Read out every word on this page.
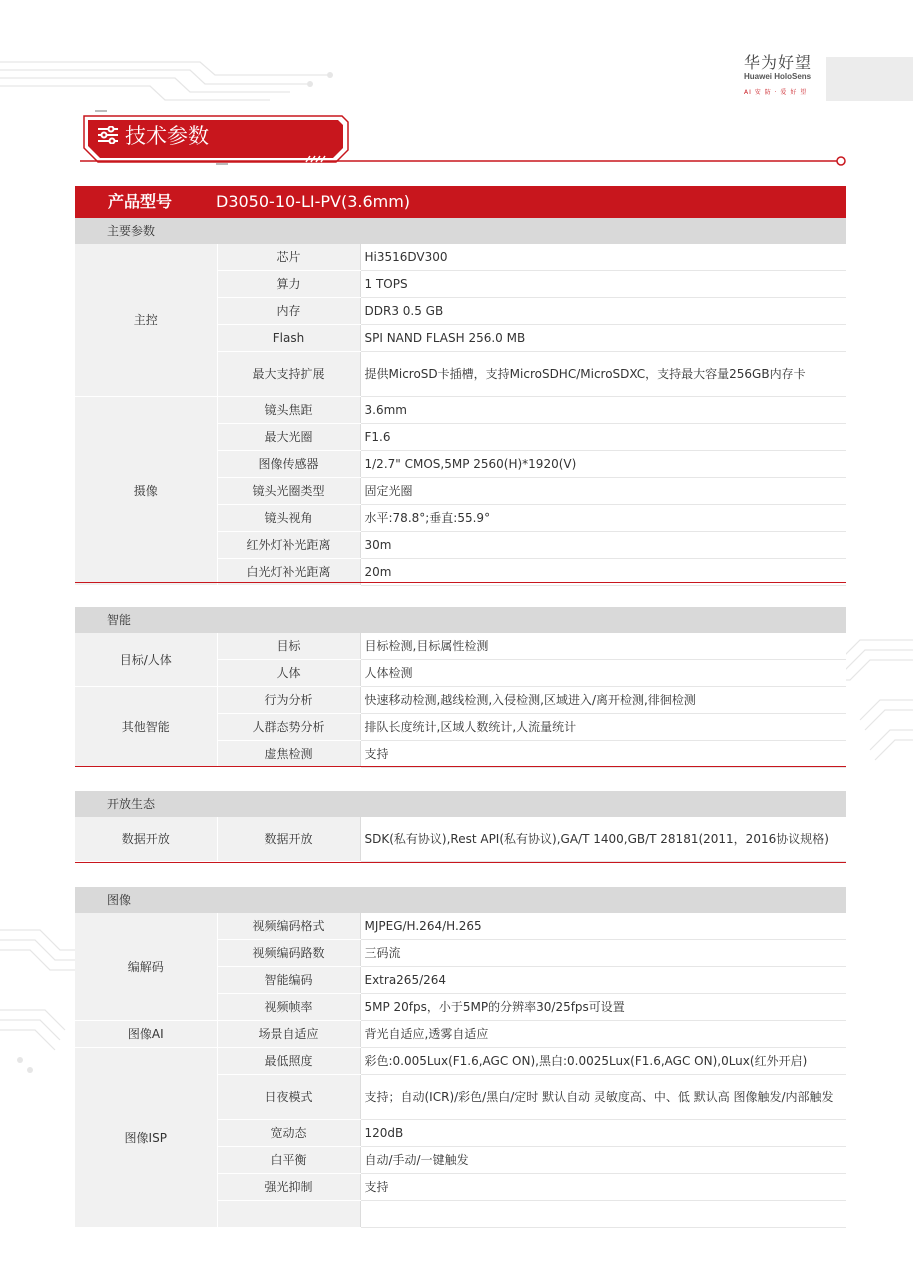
华为好望
Huawei HoloSens
AI 安 防 · 爱 好 望
技术参数
产品型号	D3050-10-LI-PV(3.6mm)
主要参数		
主控	芯片	Hi3516DV300
	算力	1 TOPS
	内存	DDR3 0.5 GB
	Flash	SPI NAND FLASH 256.0 MB
	最大支持扩展	提供MicroSD卡插槽，支持MicroSDHC/MicroSDXC，支持最大容量256GB内存卡
摄像	镜头焦距	3.6mm
	最大光圈	F1.6
	图像传感器	1/2.7" CMOS,5MP 2560(H)*1920(V)
	镜头光圈类型	固定光圈
	镜头视角	水平:78.8°;垂直:55.9°
	红外灯补光距离	30m
	白光灯补光距离	20m
智能		
目标/人体	目标	目标检测,目标属性检测
	人体	人体检测
其他智能	行为分析	快速移动检测,越线检测,入侵检测,区域进入/离开检测,徘徊检测
	人群态势分析	排队长度统计,区域人数统计,人流量统计
	虚焦检测	支持
开放生态
数据开放	数据开放	SDK(私有协议),Rest API(私有协议),GA/T 1400,GB/T 28181(2011，2016协议规格)
图像		
编解码	视频编码格式	MJPEG/H.264/H.265
	视频编码路数	三码流
	智能编码	Extra265/264
	视频帧率	5MP 20fps，小于5MP的分辨率30/25fps可设置
图像AI	场景自适应	背光自适应,透雾自适应
图像ISP	最低照度	彩色:0.005Lux(F1.6,AGC ON),黑白:0.0025Lux(F1.6,AGC ON),0Lux(红外开启)
	日夜模式	支持；自动(ICR)/彩色/黑白/定时 默认自动 灵敏度高、中、低 默认高 图像触发/内部触发
	宽动态	120dB
	白平衡	自动/手动/一键触发
	强光抑制	支持
